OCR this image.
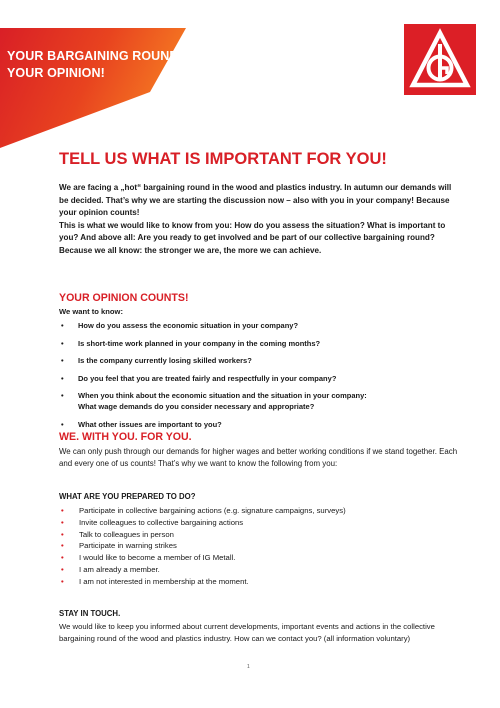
YOUR BARGAINING ROUND.
YOUR OPINION!
TELL US WHAT IS IMPORTANT FOR YOU!

We are facing a „hot“ bargaining round in the wood and plastics industry. In autumn our demands will be decided. That’s why we are starting the discussion now – also with you in your company! Because your opinion counts!

This is what we would like to know from you: How do you assess the situation? What is important to you? And above all: Are you ready to get involved and be part of our collective bargaining round? Because we all know: the stronger we are, the more we can achieve.

YOUR OPINION COUNTS!
We want to know:
• How do you assess the economic situation in your company?
• Is short-time work planned in your company in the coming months?
• Is the company currently losing skilled workers?
• Do you feel that you are treated fairly and respectfully in your company?
• When you think about the economic situation and the situation in your company:
What wage demands do you consider necessary and appropriate?
• What other issues are important to you?
WE. WITH YOU. FOR YOU.

We can only push through our demands for higher wages and better working conditions if we stand together. Each and every one of us counts! That’s why we want to know the following from you:

WHAT ARE YOU PREPARED TO DO?
• Participate in collective bargaining actions (e.g. signature campaigns, surveys)
• Invite colleagues to collective bargaining actions
• Talk to colleagues in person
• Participate in warning strikes
• I would like to become a member of IG Metall.
• I am already a member.
• I am not interested in membership at the moment.
STAY IN TOUCH.

We would like to keep you informed about current developments, important events and actions in the collective bargaining round of the wood and plastics industry. How can we contact you? (all information voluntary)

1
